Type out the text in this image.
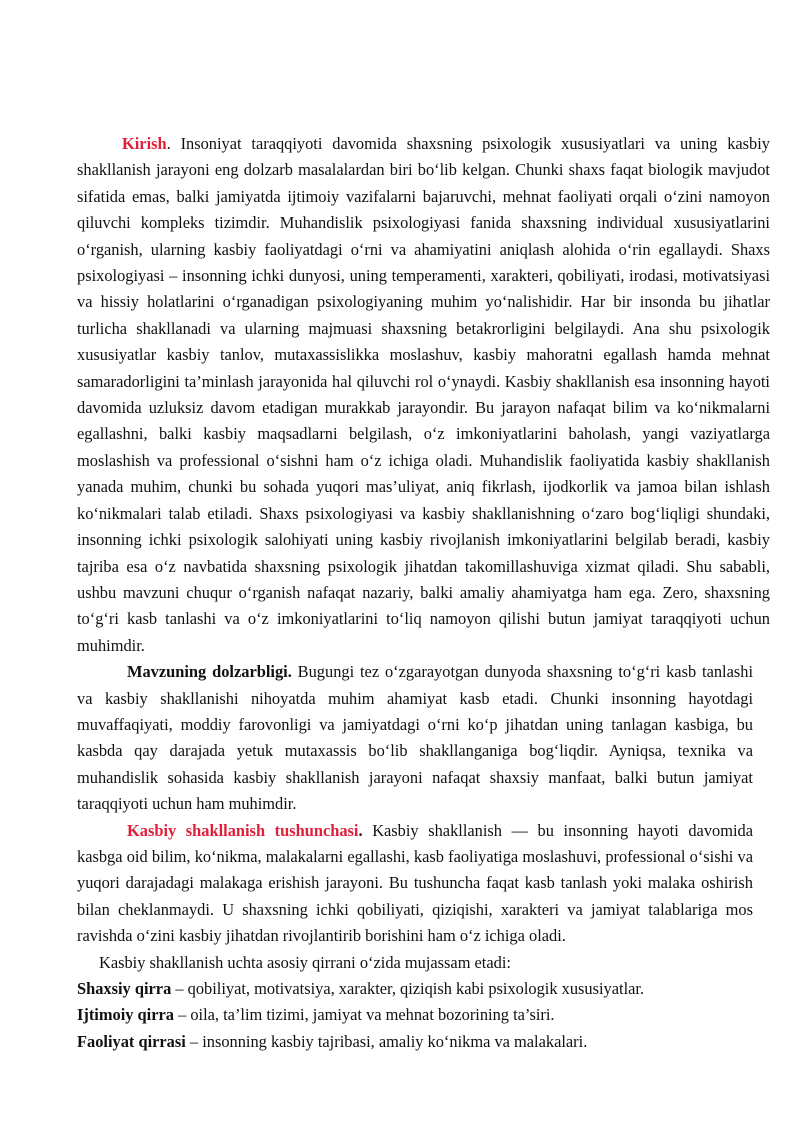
Kirish. Insoniyat taraqqiyoti davomida shaxsning psixologik xususiyatlari va uning kasbiy shakllanish jarayoni eng dolzarb masalalardan biri bo‘lib kelgan. Chunki shaxs faqat biologik mavjudot sifatida emas, balki jamiyatda ijtimoiy vazifalarni bajaruvchi, mehnat faoliyati orqali o‘zini namoyon qiluvchi kompleks tizimdir. Muhandislik psixologiyasi fanida shaxsning individual xususiyatlarini o‘rganish, ularning kasbiy faoliyatdagi o‘rni va ahamiyatini aniqlash alohida o‘rin egallaydi. Shaxs psixologiyasi – insonning ichki dunyosi, uning temperamenti, xarakteri, qobiliyati, irodasi, motivatsiyasi va hissiy holatlarini o‘rganadigan psixologiyaning muhim yo‘nalishidir. Har bir insonda bu jihatlar turlicha shakllanadi va ularning majmuasi shaxsning betakrorligini belgilaydi. Ana shu psixologik xususiyatlar kasbiy tanlov, mutaxassislikka moslashuv, kasbiy mahoratni egallash hamda mehnat samaradorligini ta’minlash jarayonida hal qiluvchi rol o‘ynaydi. Kasbiy shakllanish esa insonning hayoti davomida uzluksiz davom etadigan murakkab jarayondir. Bu jarayon nafaqat bilim va ko‘nikmalarni egallashni, balki kasbiy maqsadlarni belgilash, o‘z imkoniyatlarini baholash, yangi vaziyatlarga moslashish va professional o‘sishni ham o‘z ichiga oladi. Muhandislik faoliyatida kasbiy shakllanish yanada muhim, chunki bu sohada yuqori mas’uliyat, aniq fikrlash, ijodkorlik va jamoa bilan ishlash ko‘nikmalari talab etiladi. Shaxs psixologiyasi va kasbiy shakllanishning o‘zaro bog‘liqligi shundaki, insonning ichki psixologik salohiyati uning kasbiy rivojlanish imkoniyatlarini belgilab beradi, kasbiy tajriba esa o‘z navbatida shaxsning psixologik jihatdan takomillashuviga xizmat qiladi. Shu sababli, ushbu mavzuni chuqur o‘rganish nafaqat nazariy, balki amaliy ahamiyatga ham ega. Zero, shaxsning to‘g‘ri kasb tanlashi va o‘z imkoniyatlarini to‘liq namoyon qilishi butun jamiyat taraqqiyoti uchun muhimdir.

Mavzuning dolzarbligi. Bugungi tez o‘zgarayotgan dunyoda shaxsning to‘g‘ri kasb tanlashi va kasbiy shakllanishi nihoyatda muhim ahamiyat kasb etadi. Chunki insonning hayotdagi muvaffaqiyati, moddiy farovonligi va jamiyatdagi o‘rni ko‘p jihatdan uning tanlagan kasbiga, bu kasbda qay darajada yetuk mutaxassis bo‘lib shakllanganiga bog‘liqdir. Ayniqsa, texnika va muhandislik sohasida kasbiy shakllanish jarayoni nafaqat shaxsiy manfaat, balki butun jamiyat taraqqiyoti uchun ham muhimdir.

Kasbiy shakllanish tushunchasi. Kasbiy shakllanish — bu insonning hayoti davomida kasbga oid bilim, ko‘nikma, malakalarni egallashi, kasb faoliyatiga moslashuvi, professional o‘sishi va yuqori darajadagi malakaga erishish jarayoni. Bu tushuncha faqat kasb tanlash yoki malaka oshirish bilan cheklanmaydi. U shaxsning ichki qobiliyati, qiziqishi, xarakteri va jamiyat talablariga mos ravishda o‘zini kasbiy jihatdan rivojlantirib borishini ham o‘z ichiga oladi.

Kasbiy shakllanish uchta asosiy qirrani o‘zida mujassam etadi:

Shaxsiy qirra – qobiliyat, motivatsiya, xarakter, qiziqish kabi psixologik xususiyatlar.

Ijtimoiy qirra – oila, ta’lim tizimi, jamiyat va mehnat bozorining ta’siri.

Faoliyat qirrasi – insonning kasbiy tajribasi, amaliy ko‘nikma va malakalari.
